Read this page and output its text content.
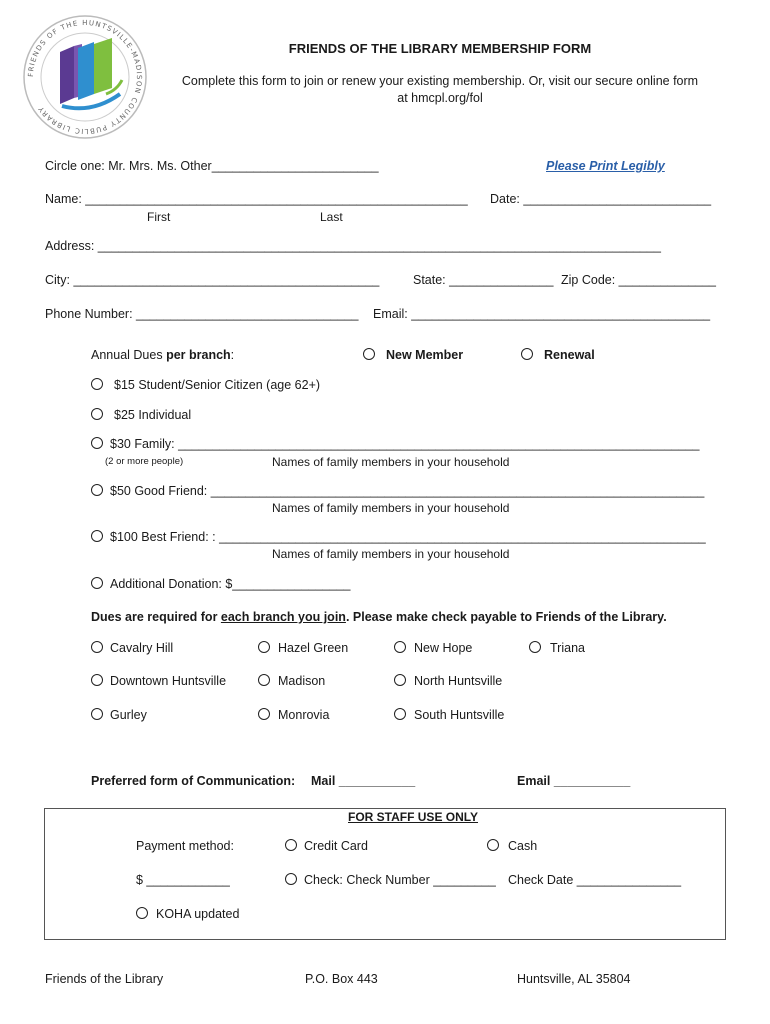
FRIENDS OF THE HUNTSVILLE-MADISON COUNTY PUBLIC LIBRARY
FRIENDS OF THE LIBRARY MEMBERSHIP FORM
Complete this form to join or renew your existing membership. Or, visit our secure online form
at hmcpl.org/fol
Circle one: Mr. Mrs. Ms. Other________________________	Please Print Legibly
Name: _______________________________________________________ Date: ___________________________
First	Last
Address: _________________________________________________________________________________
City: ____________________________________________	State: _______________ Zip Code: ______________
Phone Number: ________________________________ Email: ___________________________________________
Annual Dues per branch:	New Member	Renewal
$15 Student/Senior Citizen (age 62+)
$25 Individual
$30 Family: ___________________________________________________________________________
(2 or more people)	Names of family members in your household
$50 Good Friend: _______________________________________________________________________
Names of family members in your household
$100 Best Friend: : ______________________________________________________________________
Names of family members in your household
Additional Donation: $_________________
Dues are required for each branch you join. Please make check payable to Friends of the Library.
Cavalry Hill	Hazel Green	New Hope	Triana
Downtown Huntsville	Madison	North Huntsville
Gurley	Monrovia	South Huntsville
Preferred form of Communication: Mail ___________	Email ___________
FOR STAFF USE ONLY
Payment method:	Credit Card	Cash
$ ____________	Check: Check Number _________ Check Date _______________
KOHA updated
Friends of the Library	P.O. Box 443	Huntsville, AL 35804
